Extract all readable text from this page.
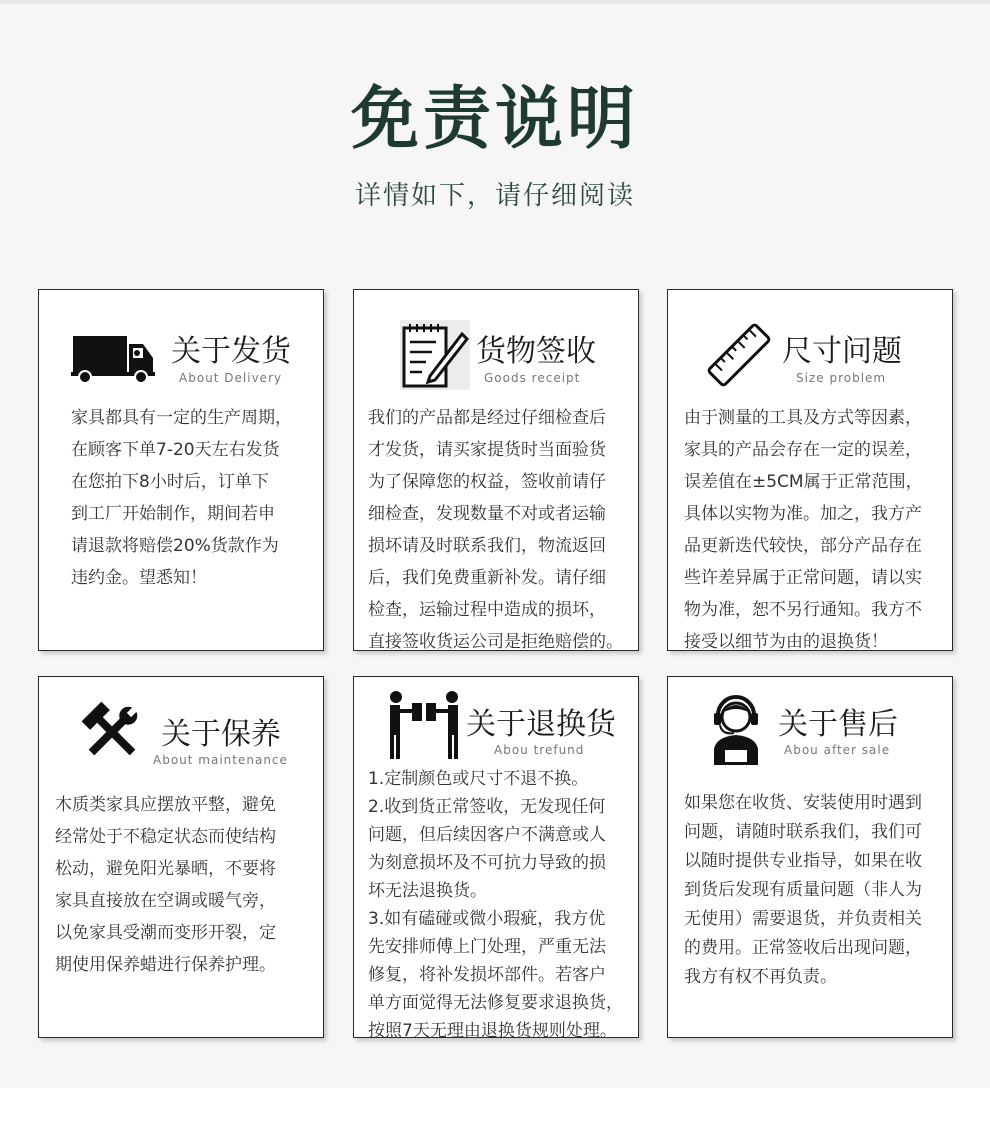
免责说明
详情如下，请仔细阅读
关于发货
About Delivery

家具都具有一定的生产周期，

在顾客下单7-20天左右发货

在您拍下8小时后，订单下

到工厂开始制作，期间若申

请退款将赔偿20%货款作为

违约金。望悉知！

货物签收
Goods receipt

我们的产品都是经过仔细检查后

才发货，请买家提货时当面验货

为了保障您的权益，签收前请仔

细检查，发现数量不对或者运输

损坏请及时联系我们，物流返回

后，我们免费重新补发。请仔细

检查，运输过程中造成的损坏，

直接签收货运公司是拒绝赔偿的。

尺寸问题
Size problem

由于测量的工具及方式等因素，

家具的产品会存在一定的误差，

误差值在±5CM属于正常范围，

具体以实物为准。加之，我方产

品更新迭代较快，部分产品存在

些许差异属于正常问题，请以实

物为准，恕不另行通知。我方不

接受以细节为由的退换货！

关于保养
About maintenance

木质类家具应摆放平整，避免

经常处于不稳定状态而使结构

松动，避免阳光暴晒，不要将

家具直接放在空调或暖气旁，

以免家具受潮而变形开裂，定

期使用保养蜡进行保养护理。

关于退换货
Abou trefund

1.定制颜色或尺寸不退不换。

2.收到货正常签收，无发现任何

问题，但后续因客户不满意或人

为刻意损坏及不可抗力导致的损

坏无法退换货。

3.如有磕碰或微小瑕疵，我方优

先安排师傅上门处理，严重无法

修复，将补发损坏部件。若客户

单方面觉得无法修复要求退换货，

按照7天无理由退换货规则处理。

关于售后
Abou after sale

如果您在收货、安装使用时遇到

问题，请随时联系我们，我们可

以随时提供专业指导，如果在收

到货后发现有质量问题（非人为

无使用）需要退货，并负责相关

的费用。正常签收后出现问题，

我方有权不再负责。
